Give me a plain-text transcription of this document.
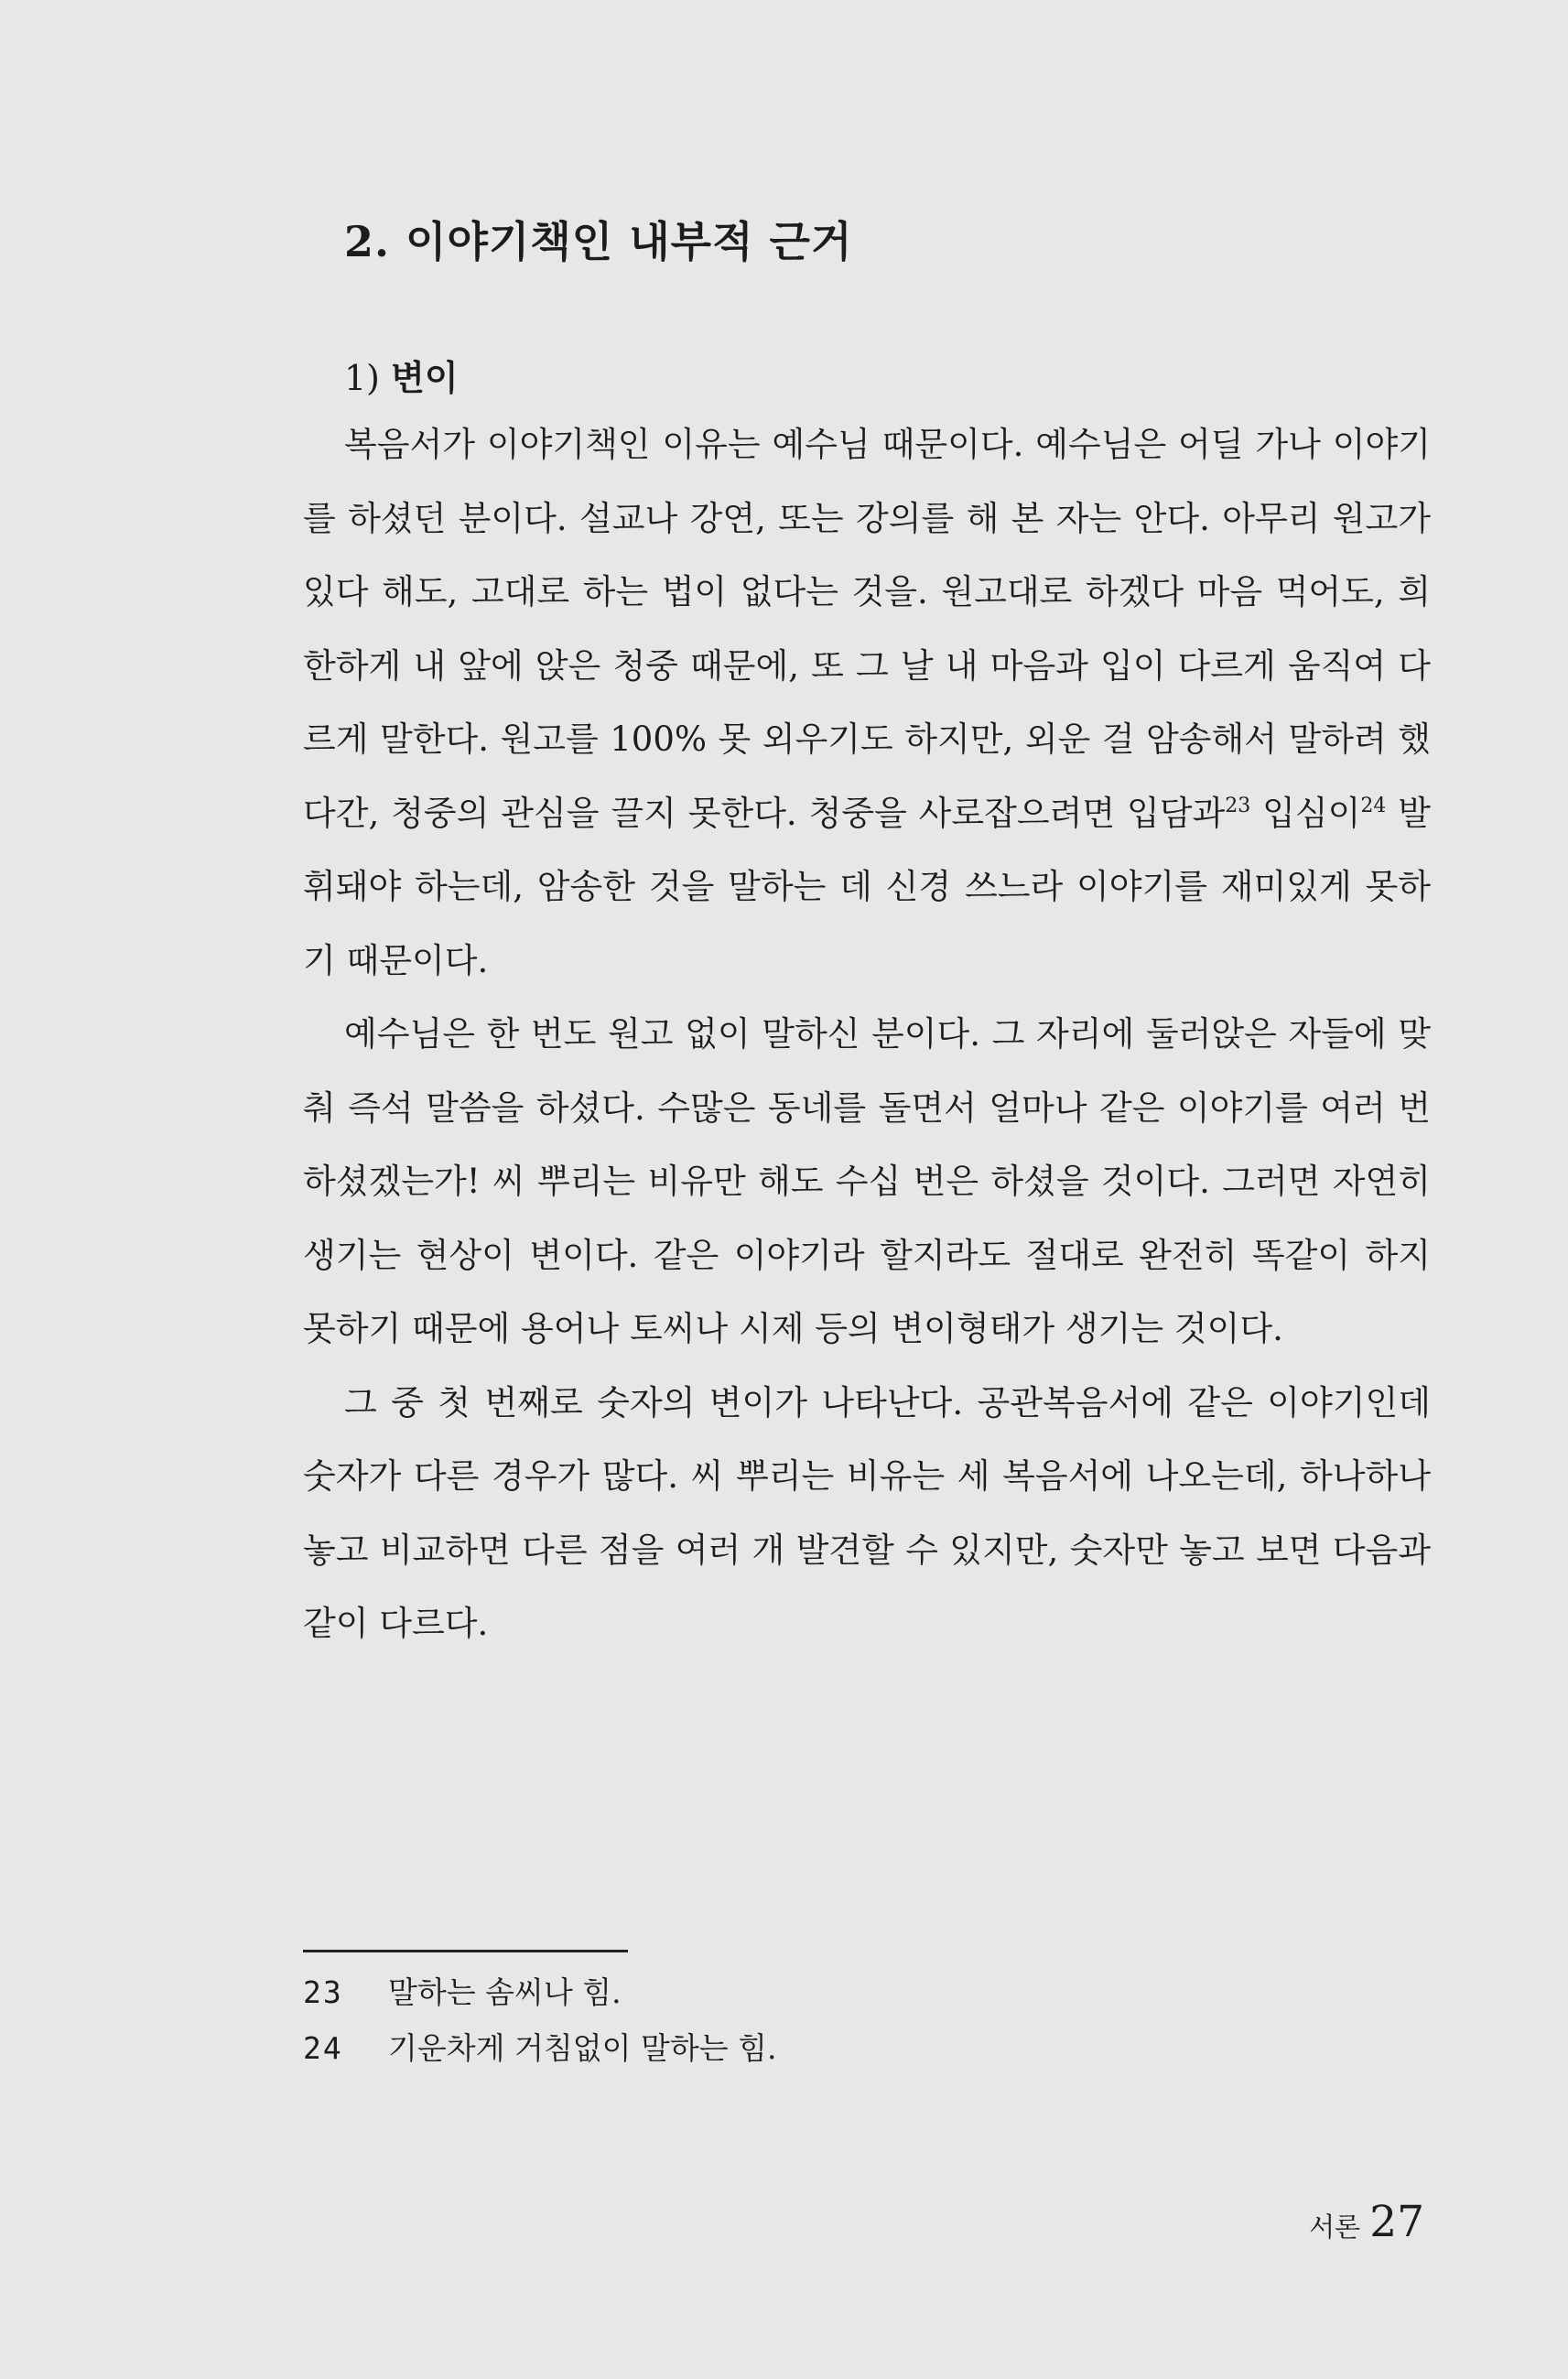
2. 이야기책인 내부적 근거
1) 변이

복음서가 이야기책인 이유는 예수님 때문이다. 예수님은 어딜 가나 이야기를 하셨던 분이다. 설교나 강연, 또는 강의를 해 본 자는 안다. 아무리 원고가 있다 해도, 고대로 하는 법이 없다는 것을. 원고대로 하겠다 마음 먹어도, 희한하게 내 앞에 앉은 청중 때문에, 또 그 날 내 마음과 입이 다르게 움직여 다르게 말한다. 원고를 100% 못 외우기도 하지만, 외운 걸 암송해서 말하려 했다간, 청중의 관심을 끌지 못한다. 청중을 사로잡으려면 입담과$^{23}$ 입심이$^{24}$ 발휘돼야 하는데, 암송한 것을 말하는 데 신경 쓰느라 이야기를 재미있게 못하기 때문이다.

예수님은 한 번도 원고 없이 말하신 분이다. 그 자리에 둘러앉은 자들에 맞춰 즉석 말씀을 하셨다. 수많은 동네를 돌면서 얼마나 같은 이야기를 여러 번 하셨겠는가! 씨 뿌리는 비유만 해도 수십 번은 하셨을 것이다. 그러면 자연히 생기는 현상이 변이다. 같은 이야기라 할지라도 절대로 완전히 똑같이 하지 못하기 때문에 용어나 토씨나 시제 등의 변이형태가 생기는 것이다.

그 중 첫 번째로 숫자의 변이가 나타난다. 공관복음서에 같은 이야기인데 숫자가 다른 경우가 많다. 씨 뿌리는 비유는 세 복음서에 나오는데, 하나하나 놓고 비교하면 다른 점을 여러 개 발견할 수 있지만, 숫자만 놓고 보면 다음과 같이 다르다.

23 말하는 솜씨나 힘.
24 기운차게 거침없이 말하는 힘.
서론 27
